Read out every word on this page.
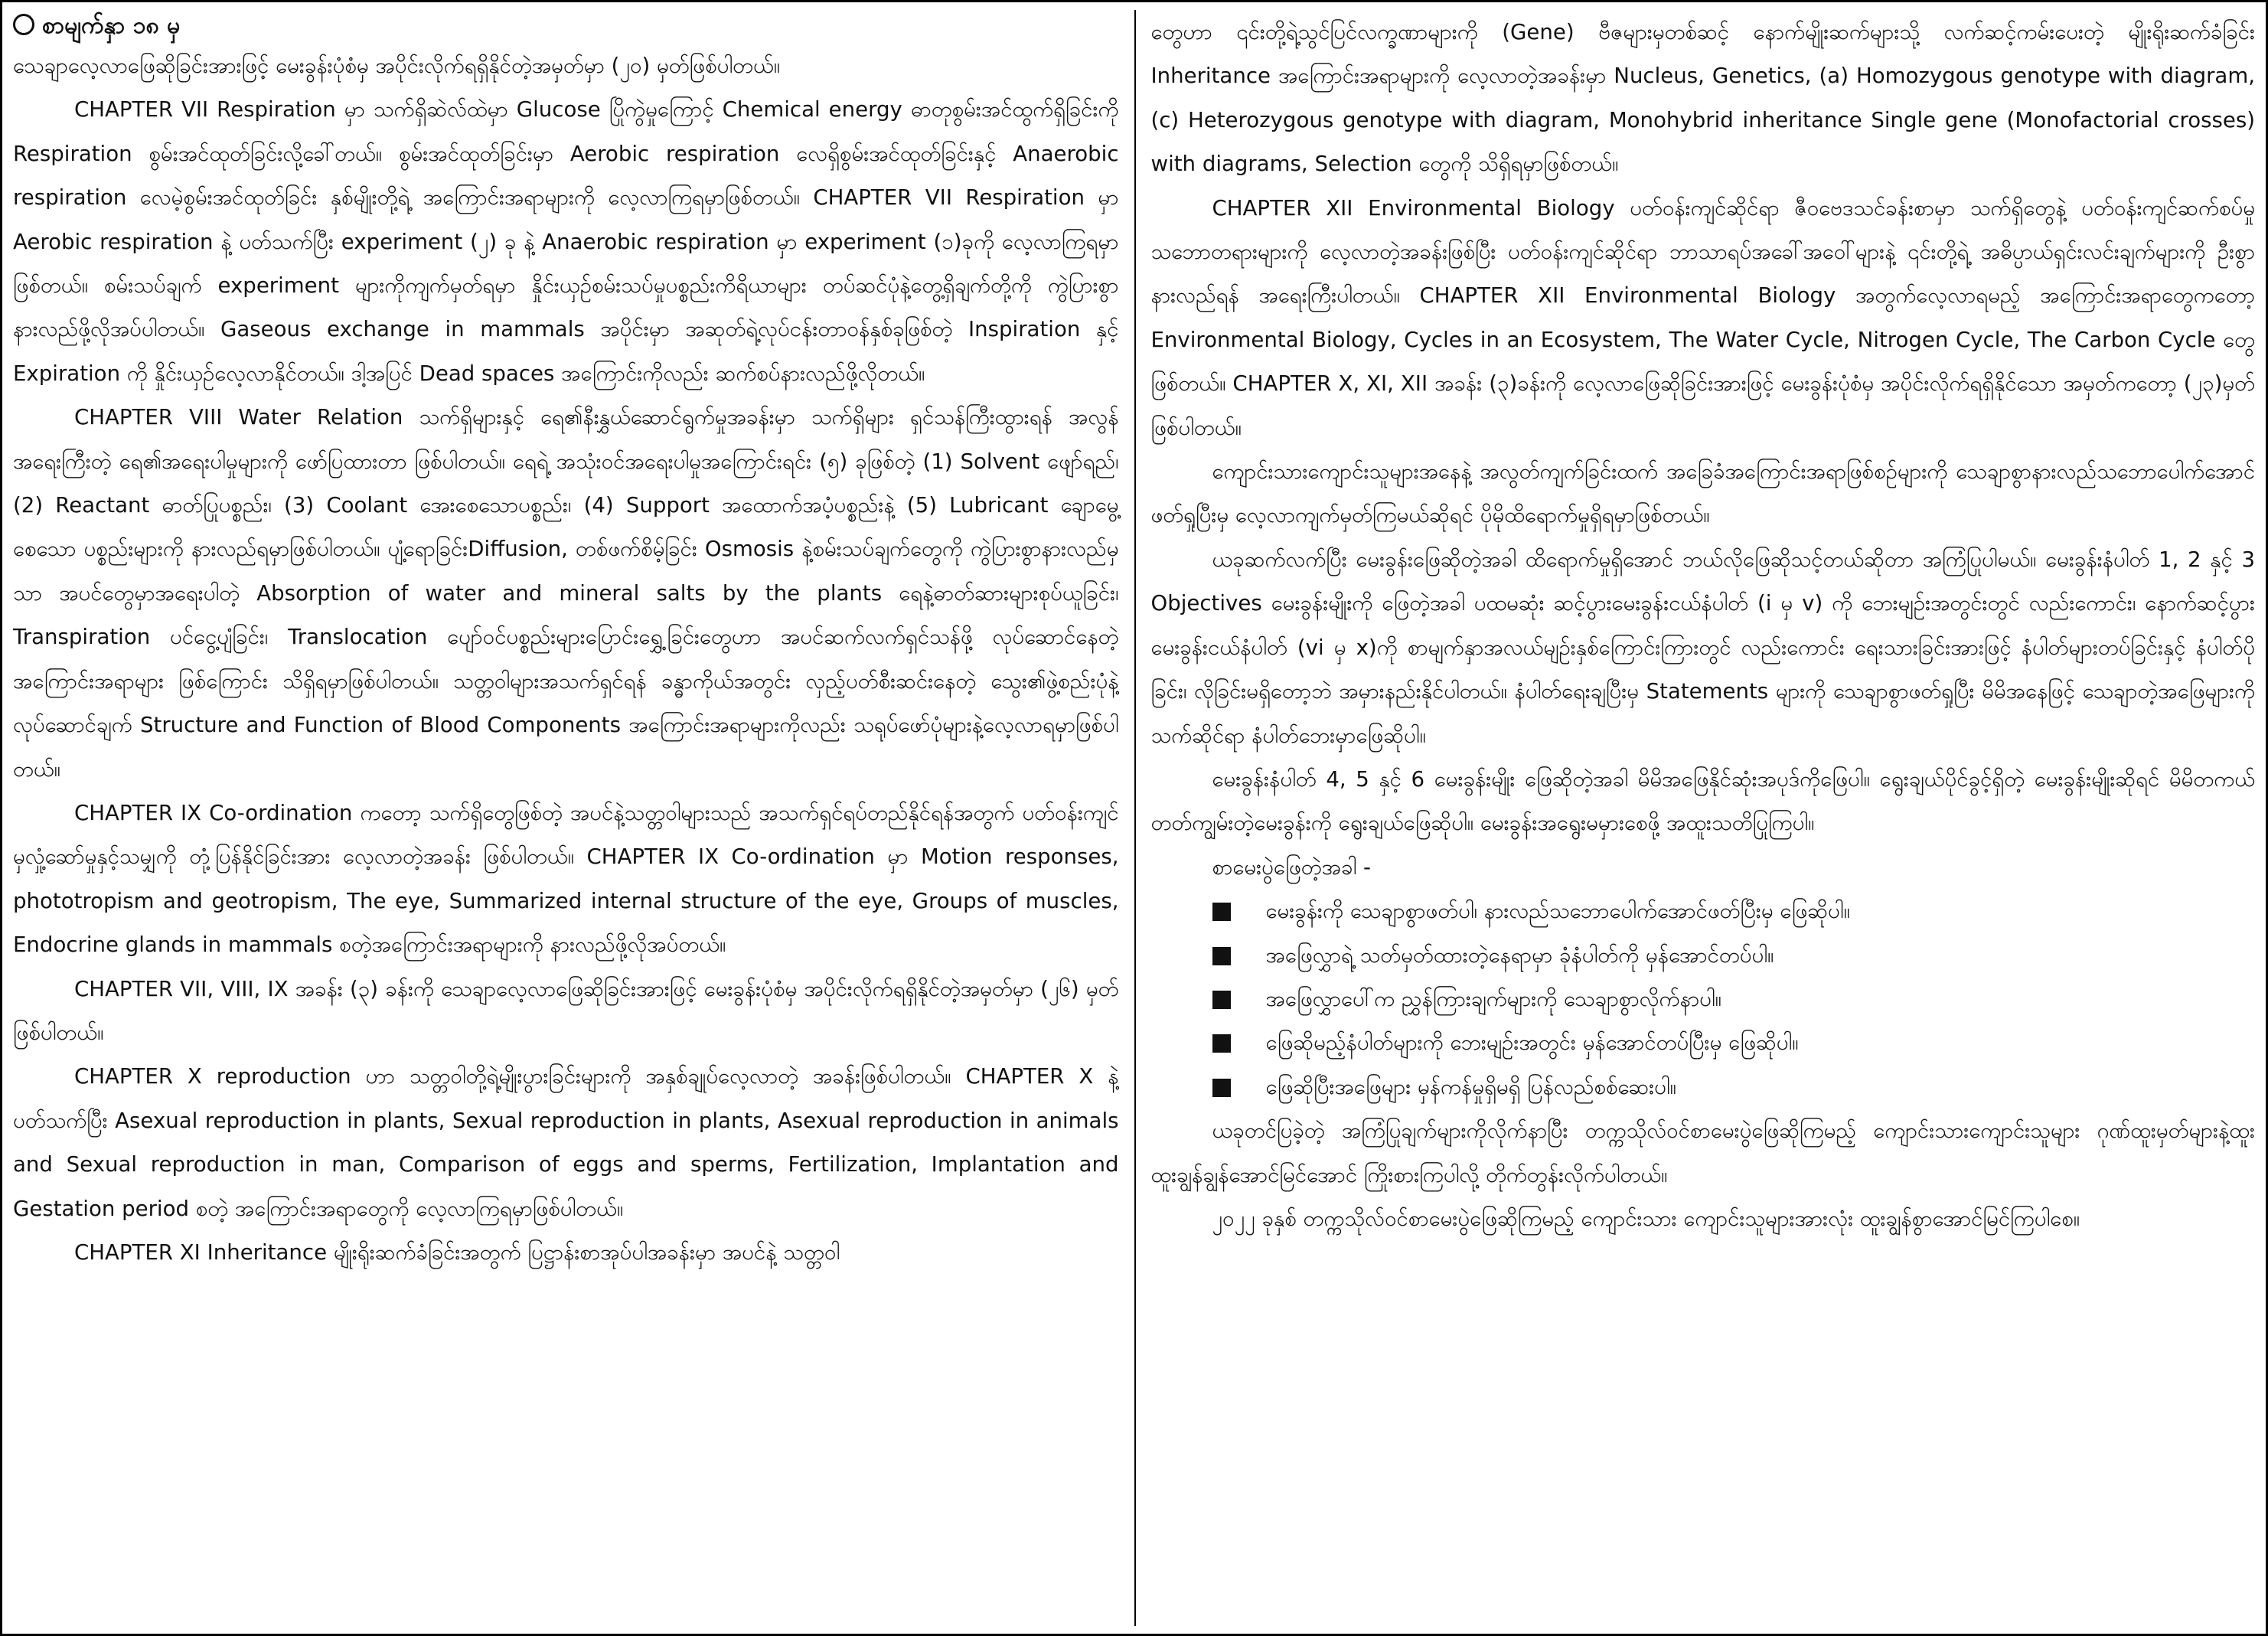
စာမျက်နှာ ၁၈ မှ

သေချာလေ့လာဖြေဆိုခြင်းအားဖြင့် မေးခွန်းပုံစံမှ အပိုင်းလိုက်ရရှိနိုင်တဲ့အမှတ်မှာ (၂၀) မှတ်ဖြစ်ပါတယ်။

CHAPTER VII Respiration မှာ သက်ရှိဆဲလ်ထဲမှာ Glucose ပြိုကွဲမှုကြောင့် Chemical energy ဓာတုစွမ်းအင်ထွက်ရှိခြင်းကို Respiration စွမ်းအင်ထုတ်ခြင်းလို့ခေါ်တယ်။ စွမ်းအင်ထုတ်ခြင်းမှာ Aerobic respiration လေရှိစွမ်းအင်ထုတ်ခြင်းနှင့် Anaerobic respiration လေမဲ့စွမ်းအင်ထုတ်ခြင်း နှစ်မျိုးတို့ရဲ့ အကြောင်းအရာများကို လေ့လာကြရမှာဖြစ်တယ်။ CHAPTER VII Respiration မှာ Aerobic respiration နဲ့ ပတ်သက်ပြီး experiment (၂) ခု နဲ့ Anaerobic respiration မှာ experiment (၁)ခုကို လေ့လာကြရမှာ ဖြစ်တယ်။ စမ်းသပ်ချက် experiment များကိုကျက်မှတ်ရမှာ နှိုင်းယှဉ်စမ်းသပ်မှုပစ္စည်းကိရိယာများ တပ်ဆင်ပုံနဲ့တွေ့ရှိချက်တို့ကို ကွဲပြားစွာနားလည်ဖို့လိုအပ်ပါတယ်။ Gaseous exchange in mammals အပိုင်းမှာ အဆုတ်ရဲ့လုပ်ငန်းတာဝန်နှစ်ခုဖြစ်တဲ့ Inspiration နှင့် Expiration ကို နှိုင်းယှဉ်လေ့လာနိုင်တယ်။ ဒါ့အပြင် Dead spaces အကြောင်းကိုလည်း ဆက်စပ်နားလည်ဖို့လိုတယ်။

CHAPTER VIII Water Relation သက်ရှိများနှင့် ရေ၏နီးနွှယ်ဆောင်ရွက်မှုအခန်းမှာ သက်ရှိများ ရှင်သန်ကြီးထွားရန် အလွန်အရေးကြီးတဲ့ ရေ၏အရေးပါမှုများကို ဖော်ပြထားတာ ဖြစ်ပါတယ်။ ရေရဲ့ အသုံးဝင်အရေးပါမှုအကြောင်းရင်း (၅) ခုဖြစ်တဲ့ (1) Solvent ဖျော်ရည်၊ (2) Reactant ဓာတ်ပြုပစ္စည်း၊ (3) Coolant အေးစေသောပစ္စည်း၊ (4) Support အထောက်အပံ့ပစ္စည်းနဲ့ (5) Lubricant ချောမွေ့စေသော ပစ္စည်းများကို နားလည်ရမှာဖြစ်ပါတယ်။ ပျံ့ရောခြင်းDiffusion, တစ်ဖက်စိမ့်ခြင်း Osmosis နဲ့စမ်းသပ်ချက်တွေကို ကွဲပြားစွာနားလည်မှသာ အပင်တွေမှာအရေးပါတဲ့ Absorption of water and mineral salts by the plants ရေနဲ့ဓာတ်ဆားများစုပ်ယူခြင်း၊ Transpiration ပင်ငွေ့ပျံခြင်း၊ Translocation ပျော်ဝင်ပစ္စည်းများပြောင်းရွှေ့ခြင်းတွေဟာ အပင်ဆက်လက်ရှင်သန်ဖို့ လုပ်ဆောင်နေတဲ့အကြောင်းအရာများ ဖြစ်ကြောင်း သိရှိရမှာဖြစ်ပါတယ်။ သတ္တဝါများအသက်ရှင်ရန် ခန္ဓာကိုယ်အတွင်း လှည့်ပတ်စီးဆင်းနေတဲ့ သွေး၏ဖွဲ့စည်းပုံနဲ့လုပ်ဆောင်ချက် Structure and Function of Blood Components အကြောင်းအရာများကိုလည်း သရုပ်ဖော်ပုံများနဲ့လေ့လာရမှာဖြစ်ပါတယ်။

CHAPTER IX Co-ordination ကတော့ သက်ရှိတွေဖြစ်တဲ့ အပင်နဲ့သတ္တဝါများသည် အသက်ရှင်ရပ်တည်နိုင်ရန်အတွက် ပတ်ဝန်းကျင်မှလှုံ့ဆော်မှုနှင့်သမျှကို တုံ့ပြန်နိုင်ခြင်းအား လေ့လာတဲ့အခန်း ဖြစ်ပါတယ်။ CHAPTER IX Co-ordination မှာ Motion responses, phototropism and geotropism, The eye, Summarized internal structure of the eye, Groups of muscles, Endocrine glands in mammals စတဲ့အကြောင်းအရာများကို နားလည်ဖို့လိုအပ်တယ်။

CHAPTER VII, VIII, IX အခန်း (၃) ခန်းကို သေချာလေ့လာဖြေဆိုခြင်းအားဖြင့် မေးခွန်းပုံစံမှ အပိုင်းလိုက်ရရှိနိုင်တဲ့အမှတ်မှာ (၂၆) မှတ်ဖြစ်ပါတယ်။

CHAPTER X reproduction ဟာ သတ္တဝါတို့ရဲ့မျိုးပွားခြင်းများကို အနှစ်ချုပ်လေ့လာတဲ့ အခန်းဖြစ်ပါတယ်။ CHAPTER X နဲ့ပတ်သက်ပြီး Asexual reproduction in plants, Sexual reproduction in plants, Asexual reproduction in animals and Sexual reproduction in man, Comparison of eggs and sperms, Fertilization, Implantation and Gestation period စတဲ့ အကြောင်းအရာတွေကို လေ့လာကြရမှာဖြစ်ပါတယ်။

CHAPTER XI Inheritance မျိုးရိုးဆက်ခံခြင်းအတွက် ပြဋ္ဌာန်းစာအုပ်ပါအခန်းမှာ အပင်နဲ့ သတ္တဝါ

တွေဟာ ၎င်းတို့ရဲ့သွင်ပြင်လက္ခဏာများကို (Gene) ဗီဇများမှတစ်ဆင့် နောက်မျိုးဆက်များသို့ လက်ဆင့်ကမ်းပေးတဲ့ မျိုးရိုးဆက်ခံခြင်း Inheritance အကြောင်းအရာများကို လေ့လာတဲ့အခန်းမှာ Nucleus, Genetics, (a) Homozygous genotype with diagram, (c) Heterozygous genotype with diagram, Monohybrid inheritance Single gene (Monofactorial crosses) with diagrams, Selection တွေကို သိရှိရမှာဖြစ်တယ်။

CHAPTER XII Environmental Biology ပတ်ဝန်းကျင်ဆိုင်ရာ ဇီဝဗေဒသင်ခန်းစာမှာ သက်ရှိတွေနဲ့ ပတ်ဝန်းကျင်ဆက်စပ်မှုသဘောတရားများကို လေ့လာတဲ့အခန်းဖြစ်ပြီး ပတ်ဝန်းကျင်ဆိုင်ရာ ဘာသာရပ်အခေါ်အဝေါ်များနဲ့ ၎င်းတို့ရဲ့ အဓိပ္ပာယ်ရှင်းလင်းချက်များကို ဦးစွာနားလည်ရန် အရေးကြီးပါတယ်။ CHAPTER XII Environmental Biology အတွက်လေ့လာရမည့် အကြောင်းအရာတွေကတော့ Environmental Biology, Cycles in an Ecosystem, The Water Cycle, Nitrogen Cycle, The Carbon Cycle တွေဖြစ်တယ်။ CHAPTER X, XI, XII အခန်း (၃)ခန်းကို လေ့လာဖြေဆိုခြင်းအားဖြင့် မေးခွန်းပုံစံမှ အပိုင်းလိုက်ရရှိနိုင်သော အမှတ်ကတော့ (၂၃)မှတ်ဖြစ်ပါတယ်။

ကျောင်းသားကျောင်းသူများအနေနဲ့ အလွတ်ကျက်ခြင်းထက် အခြေခံအကြောင်းအရာဖြစ်စဉ်များကို သေချာစွာနားလည်သဘောပေါက်အောင်ဖတ်ရှုပြီးမှ လေ့လာကျက်မှတ်ကြမယ်ဆိုရင် ပိုမိုထိရောက်မှုရှိရမှာဖြစ်တယ်။

ယခုဆက်လက်ပြီး မေးခွန်းဖြေဆိုတဲ့အခါ ထိရောက်မှုရှိအောင် ဘယ်လိုဖြေဆိုသင့်တယ်ဆိုတာ အကြံပြုပါမယ်။ မေးခွန်းနံပါတ် 1, 2 နှင့် 3 Objectives မေးခွန်းမျိုးကို ဖြေတဲ့အခါ ပထမဆုံး ဆင့်ပွားမေးခွန်းငယ်နံပါတ် (i မှ v) ကို ဘေးမျဉ်းအတွင်းတွင် လည်းကောင်း၊ နောက်ဆင့်ပွားမေးခွန်းငယ်နံပါတ် (vi မှ x)ကို စာမျက်နှာအလယ်မျဉ်းနှစ်ကြောင်းကြားတွင် လည်းကောင်း ရေးသားခြင်းအားဖြင့် နံပါတ်များတပ်ခြင်းနှင့် နံပါတ်ပိုခြင်း၊ လိုခြင်းမရှိတော့ဘဲ အမှားနည်းနိုင်ပါတယ်။ နံပါတ်ရေးချပြီးမှ Statements များကို သေချာစွာဖတ်ရှုပြီး မိမိအနေဖြင့် သေချာတဲ့အဖြေများကို သက်ဆိုင်ရာ နံပါတ်ဘေးမှာဖြေဆိုပါ။

မေးခွန်းနံပါတ် 4, 5 နှင့် 6 မေးခွန်းမျိုး ဖြေဆိုတဲ့အခါ မိမိအဖြေနိုင်ဆုံးအပုဒ်ကိုဖြေပါ။ ရွေးချယ်ပိုင်ခွင့်ရှိတဲ့ မေးခွန်းမျိုးဆိုရင် မိမိတကယ်တတ်ကျွမ်းတဲ့မေးခွန်းကို ရွေးချယ်ဖြေဆိုပါ။ မေးခွန်းအရွေးမမှားစေဖို့ အထူးသတိပြုကြပါ။

စာမေးပွဲဖြေတဲ့အခါ -

မေးခွန်းကို သေချာစွာဖတ်ပါ၊ နားလည်သဘောပေါက်အောင်ဖတ်ပြီးမှ ဖြေဆိုပါ။
အဖြေလွှာရဲ့ သတ်မှတ်ထားတဲ့နေရာမှာ ခုံနံပါတ်ကို မှန်အောင်တပ်ပါ။
အဖြေလွှာပေါ်က ညွှန်ကြားချက်များကို သေချာစွာလိုက်နာပါ။
ဖြေဆိုမည့်နံပါတ်များကို ဘေးမျဉ်းအတွင်း မှန်အောင်တပ်ပြီးမှ ဖြေဆိုပါ။
ဖြေဆိုပြီးအဖြေများ မှန်ကန်မှုရှိမရှိ ပြန်လည်စစ်ဆေးပါ။

ယခုတင်ပြခဲ့တဲ့ အကြံပြုချက်များကိုလိုက်နာပြီး တက္ကသိုလ်ဝင်စာမေးပွဲဖြေဆိုကြမည့် ကျောင်းသားကျောင်းသူများ ဂုဏ်ထူးမှတ်များနဲ့ထူးထူးချွန်ချွန်အောင်မြင်အောင် ကြိုးစားကြပါလို့ တိုက်တွန်းလိုက်ပါတယ်။

၂၀၂၂ ခုနှစ် တက္ကသိုလ်ဝင်စာမေးပွဲဖြေဆိုကြမည့် ကျောင်းသား ကျောင်းသူများအားလုံး ထူးချွန်စွာအောင်မြင်ကြပါစေ။
